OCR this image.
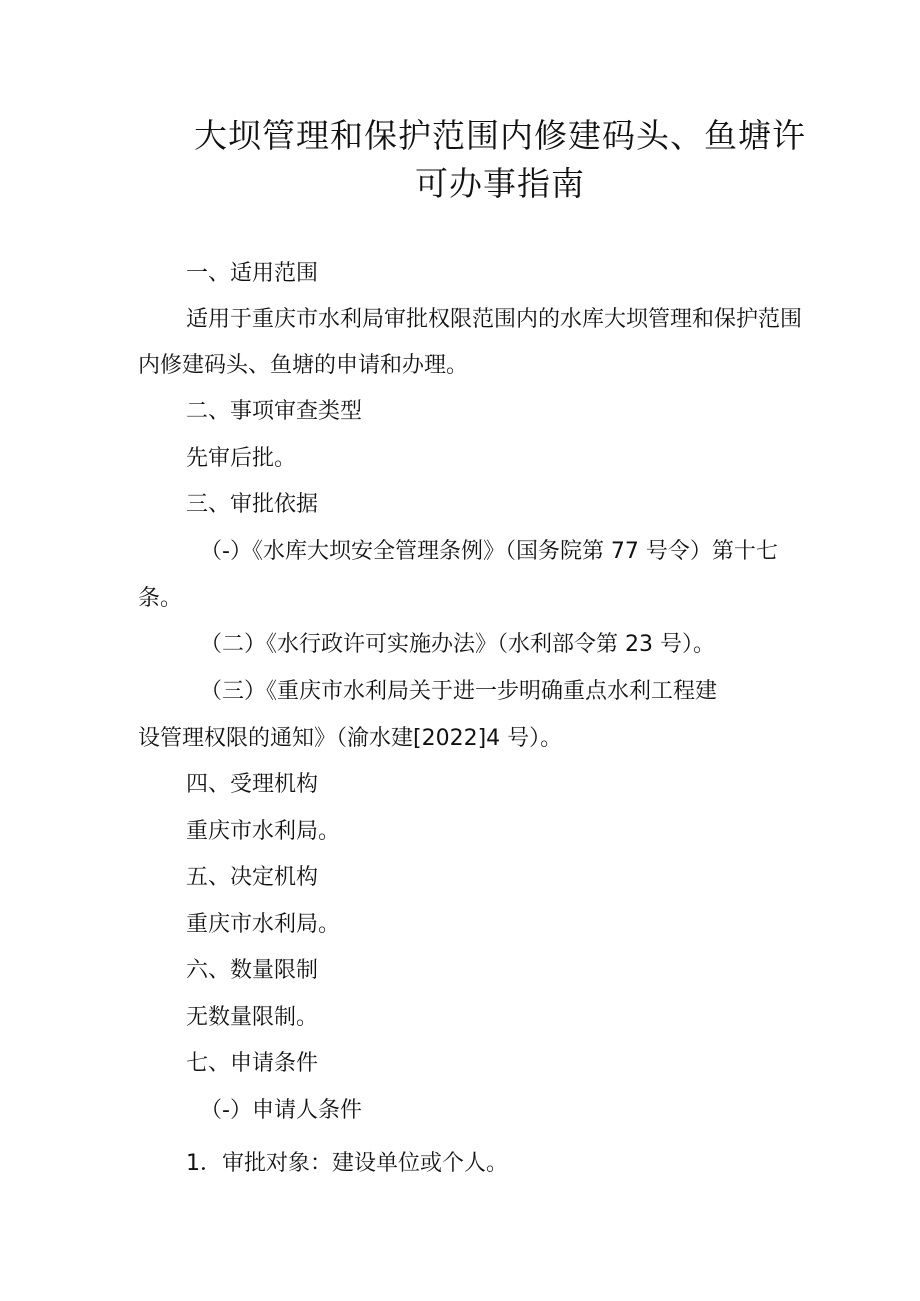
大坝管理和保护范围内修建码头、鱼塘许
可办事指南

一、适用范围

适用于重庆市水利局审批权限范围内的水库大坝管理和保护范围

内修建码头、鱼塘的申请和办理。

二、事项审查类型

先审后批。

三、审批依据

（-）《水库大坝安全管理条例》（国务院第 77 号令）第十七

条。

（二）《水行政许可实施办法》（水利部令第 23 号）。

（三）《重庆市水利局关于进一步明确重点水利工程建

设管理权限的通知》（渝水建[2022]4 号）。

四、受理机构

重庆市水利局。

五、决定机构

重庆市水利局。

六、数量限制

无数量限制。

七、申请条件

（-）申请人条件

1．审批对象：建设单位或个人。
